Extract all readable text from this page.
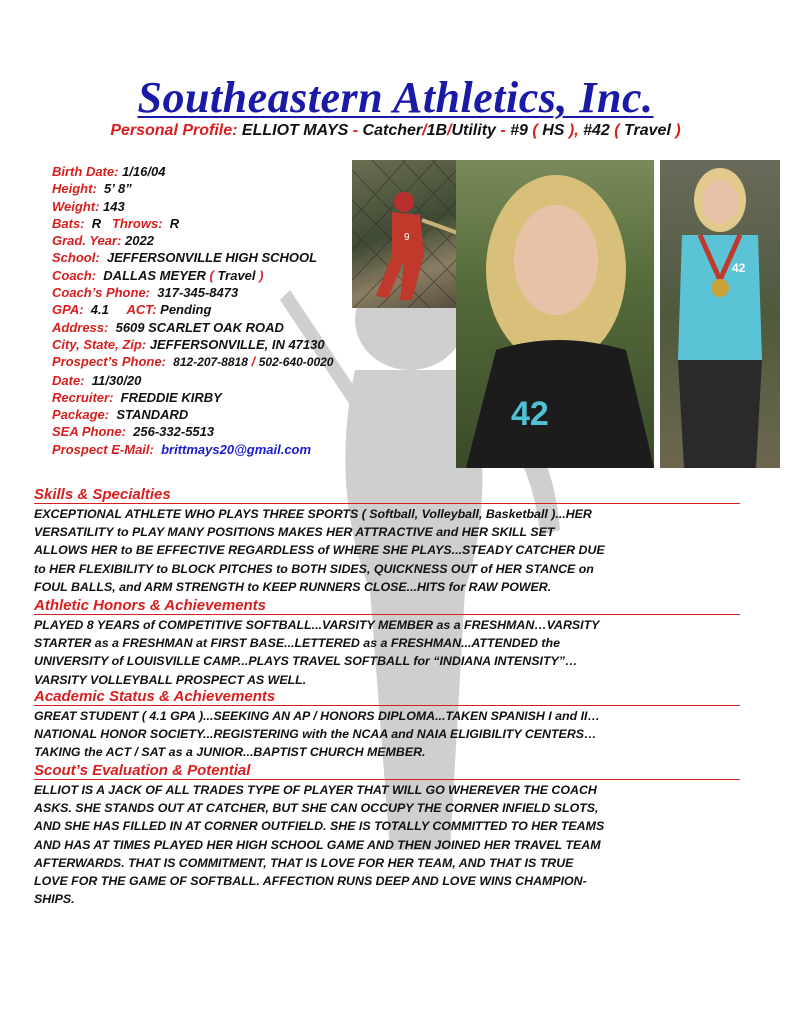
Southeastern Athletics, Inc.
Personal Profile: ELLIOT MAYS - Catcher/1B/Utility - #9 ( HS ), #42 ( Travel )
Birth Date: 1/16/04
Height: 5’ 8”
Weight: 143
Bats: R Throws: R
Grad. Year: 2022
School: JEFFERSONVILLE HIGH SCHOOL
Coach: DALLAS MEYER ( Travel )
Coach’s Phone: 317-345-8473
GPA: 4.1 ACT: Pending
Address: 5609 SCARLET OAK ROAD
City, State, Zip: JEFFERSONVILLE, IN 47130
Prospect’s Phone: 812-207-8818 / 502-640-0020
Date: 11/30/20
Recruiter: FREDDIE KIRBY
Package: STANDARD
SEA Phone: 256-332-5513
Prospect E-Mail: brittmays20@gmail.com
9
42
42
Skills & Specialties

EXCEPTIONAL ATHLETE WHO PLAYS THREE SPORTS ( Softball, Volleyball, Basketball )...HER

VERSATILITY to PLAY MANY POSITIONS MAKES HER ATTRACTIVE and HER SKILL SET

ALLOWS HER to BE EFFECTIVE REGARDLESS of WHERE SHE PLAYS...STEADY CATCHER DUE

to HER FLEXIBILITY to BLOCK PITCHES to BOTH SIDES, QUICKNESS OUT of HER STANCE on

FOUL BALLS, and ARM STRENGTH to KEEP RUNNERS CLOSE...HITS for RAW POWER.

Athletic Honors & Achievements

PLAYED 8 YEARS of COMPETITIVE SOFTBALL...VARSITY MEMBER as a FRESHMAN…VARSITY

STARTER as a FRESHMAN at FIRST BASE...LETTERED as a FRESHMAN...ATTENDED the

UNIVERSITY of LOUISVILLE CAMP...PLAYS TRAVEL SOFTBALL for “INDIANA INTENSITY”…

VARSITY VOLLEYBALL PROSPECT AS WELL.

Academic Status & Achievements

GREAT STUDENT ( 4.1 GPA )...SEEKING AN AP / HONORS DIPLOMA...TAKEN SPANISH I and II…

NATIONAL HONOR SOCIETY...REGISTERING with the NCAA and NAIA ELIGIBILITY CENTERS…

TAKING the ACT / SAT as a JUNIOR...BAPTIST CHURCH MEMBER.

Scout’s Evaluation & Potential

ELLIOT IS A JACK OF ALL TRADES TYPE OF PLAYER THAT WILL GO WHEREVER THE COACH

ASKS. SHE STANDS OUT AT CATCHER, BUT SHE CAN OCCUPY THE CORNER INFIELD SLOTS,

AND SHE HAS FILLED IN AT CORNER OUTFIELD. SHE IS TOTALLY COMMITTED TO HER TEAMS

AND HAS AT TIMES PLAYED HER HIGH SCHOOL GAME AND THEN JOINED HER TRAVEL TEAM

AFTERWARDS. THAT IS COMMITMENT, THAT IS LOVE FOR HER TEAM, AND THAT IS TRUE

LOVE FOR THE GAME OF SOFTBALL. AFFECTION RUNS DEEP AND LOVE WINS CHAMPION-

SHIPS.
